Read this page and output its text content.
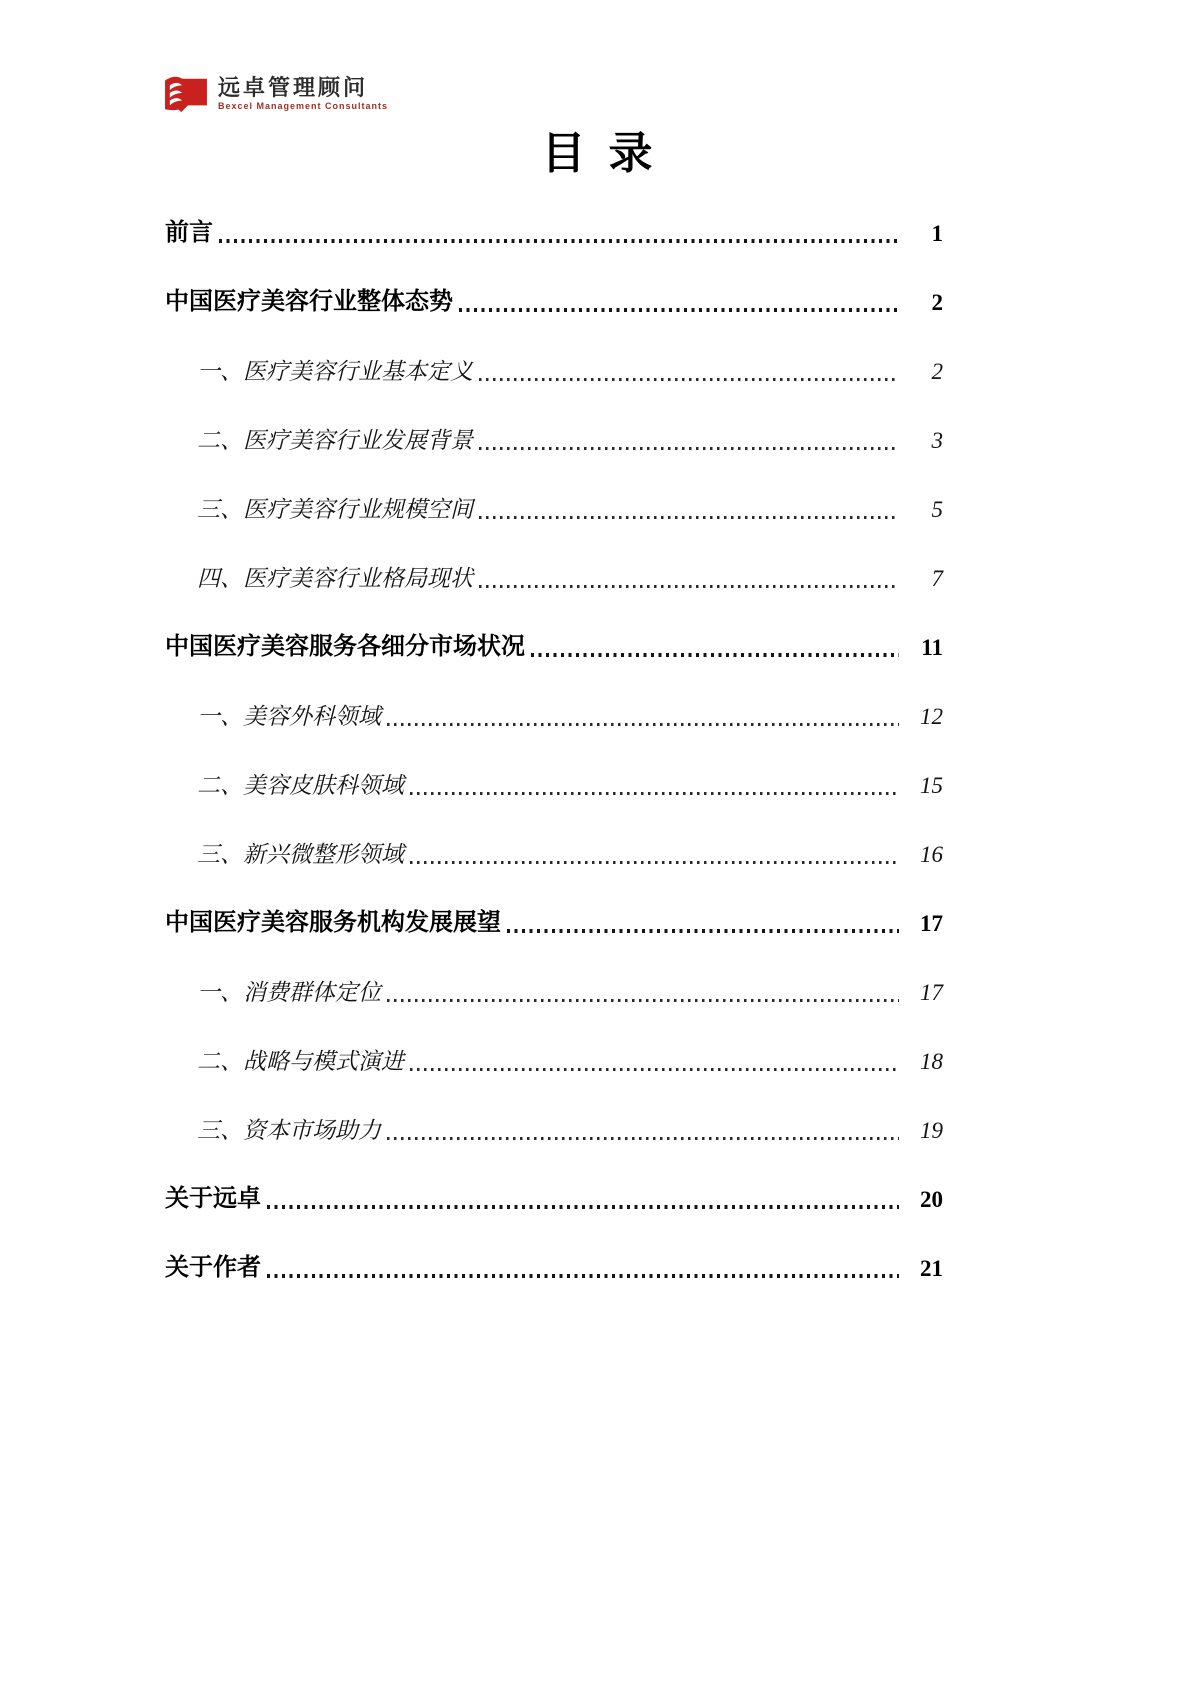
远卓管理顾问
Bexcel Management Consultants
目 录
前言	1
中国医疗美容行业整体态势	2
一、医疗美容行业基本定义	2
二、医疗美容行业发展背景	3
三、医疗美容行业规模空间	5
四、医疗美容行业格局现状	7
中国医疗美容服务各细分市场状况	11
一、美容外科领域	12
二、美容皮肤科领域	15
三、新兴微整形领域	16
中国医疗美容服务机构发展展望	17
一、消费群体定位	17
二、战略与模式演进	18
三、资本市场助力	19
关于远卓	20
关于作者	21
